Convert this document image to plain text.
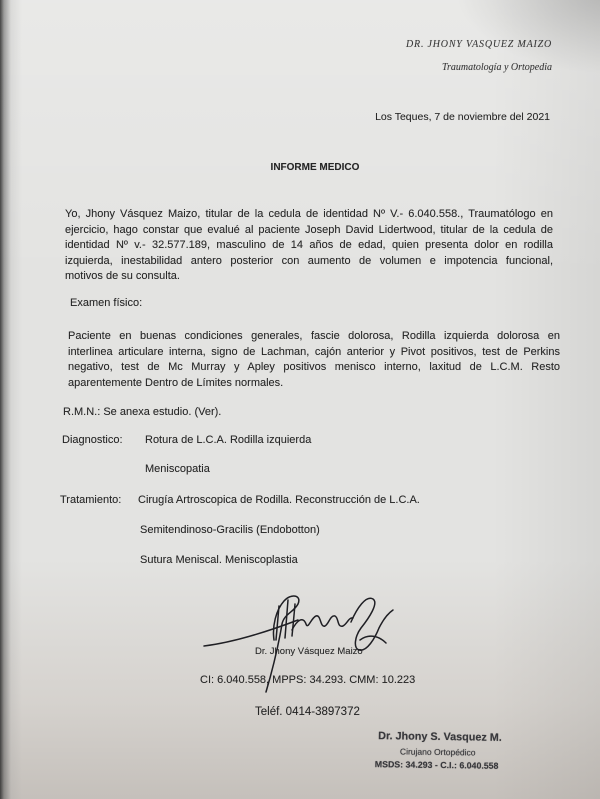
DR. JHONY VASQUEZ MAIZO
Traumatología y Ortopedia
Los Teques, 7 de noviembre del 2021
INFORME MEDICO
Yo, Jhony Vásquez Maizo, titular de la cedula de identidad Nº V.- 6.040.558., Traumatólogo en
ejercicio, hago constar que evalué al paciente Joseph David Lidertwood, titular de la cedula de
identidad Nº v.- 32.577.189, masculino de 14 años de edad, quien presenta dolor en rodilla
izquierda, inestabilidad antero posterior con aumento de volumen e impotencia funcional,
motivos de su consulta.
Examen físico:
Paciente en buenas condiciones generales, fascie dolorosa, Rodilla izquierda dolorosa en
interlinea articulare interna, signo de Lachman, cajón anterior y Pivot positivos, test de Perkins
negativo, test de Mc Murray y Apley positivos menisco interno, laxitud de L.C.M. Resto
aparentemente Dentro de Límites normales.
R.M.N.: Se anexa estudio. (Ver).
Diagnostico: Rotura de L.C.A. Rodilla izquierda
Meniscopatia
Tratamiento: Cirugía Artroscopica de Rodilla. Reconstrucción de L.C.A.
Semitendinoso-Gracilis (Endobotton)
Sutura Meniscal. Meniscoplastia
Dr. Jhony Vásquez Maizo
CI: 6.040.558, MPPS: 34.293. CMM: 10.223
Teléf. 0414-3897372
Dr. Jhony S. Vasquez M.
Cirujano Ortopédico
MSDS: 34.293 - C.I.: 6.040.558
